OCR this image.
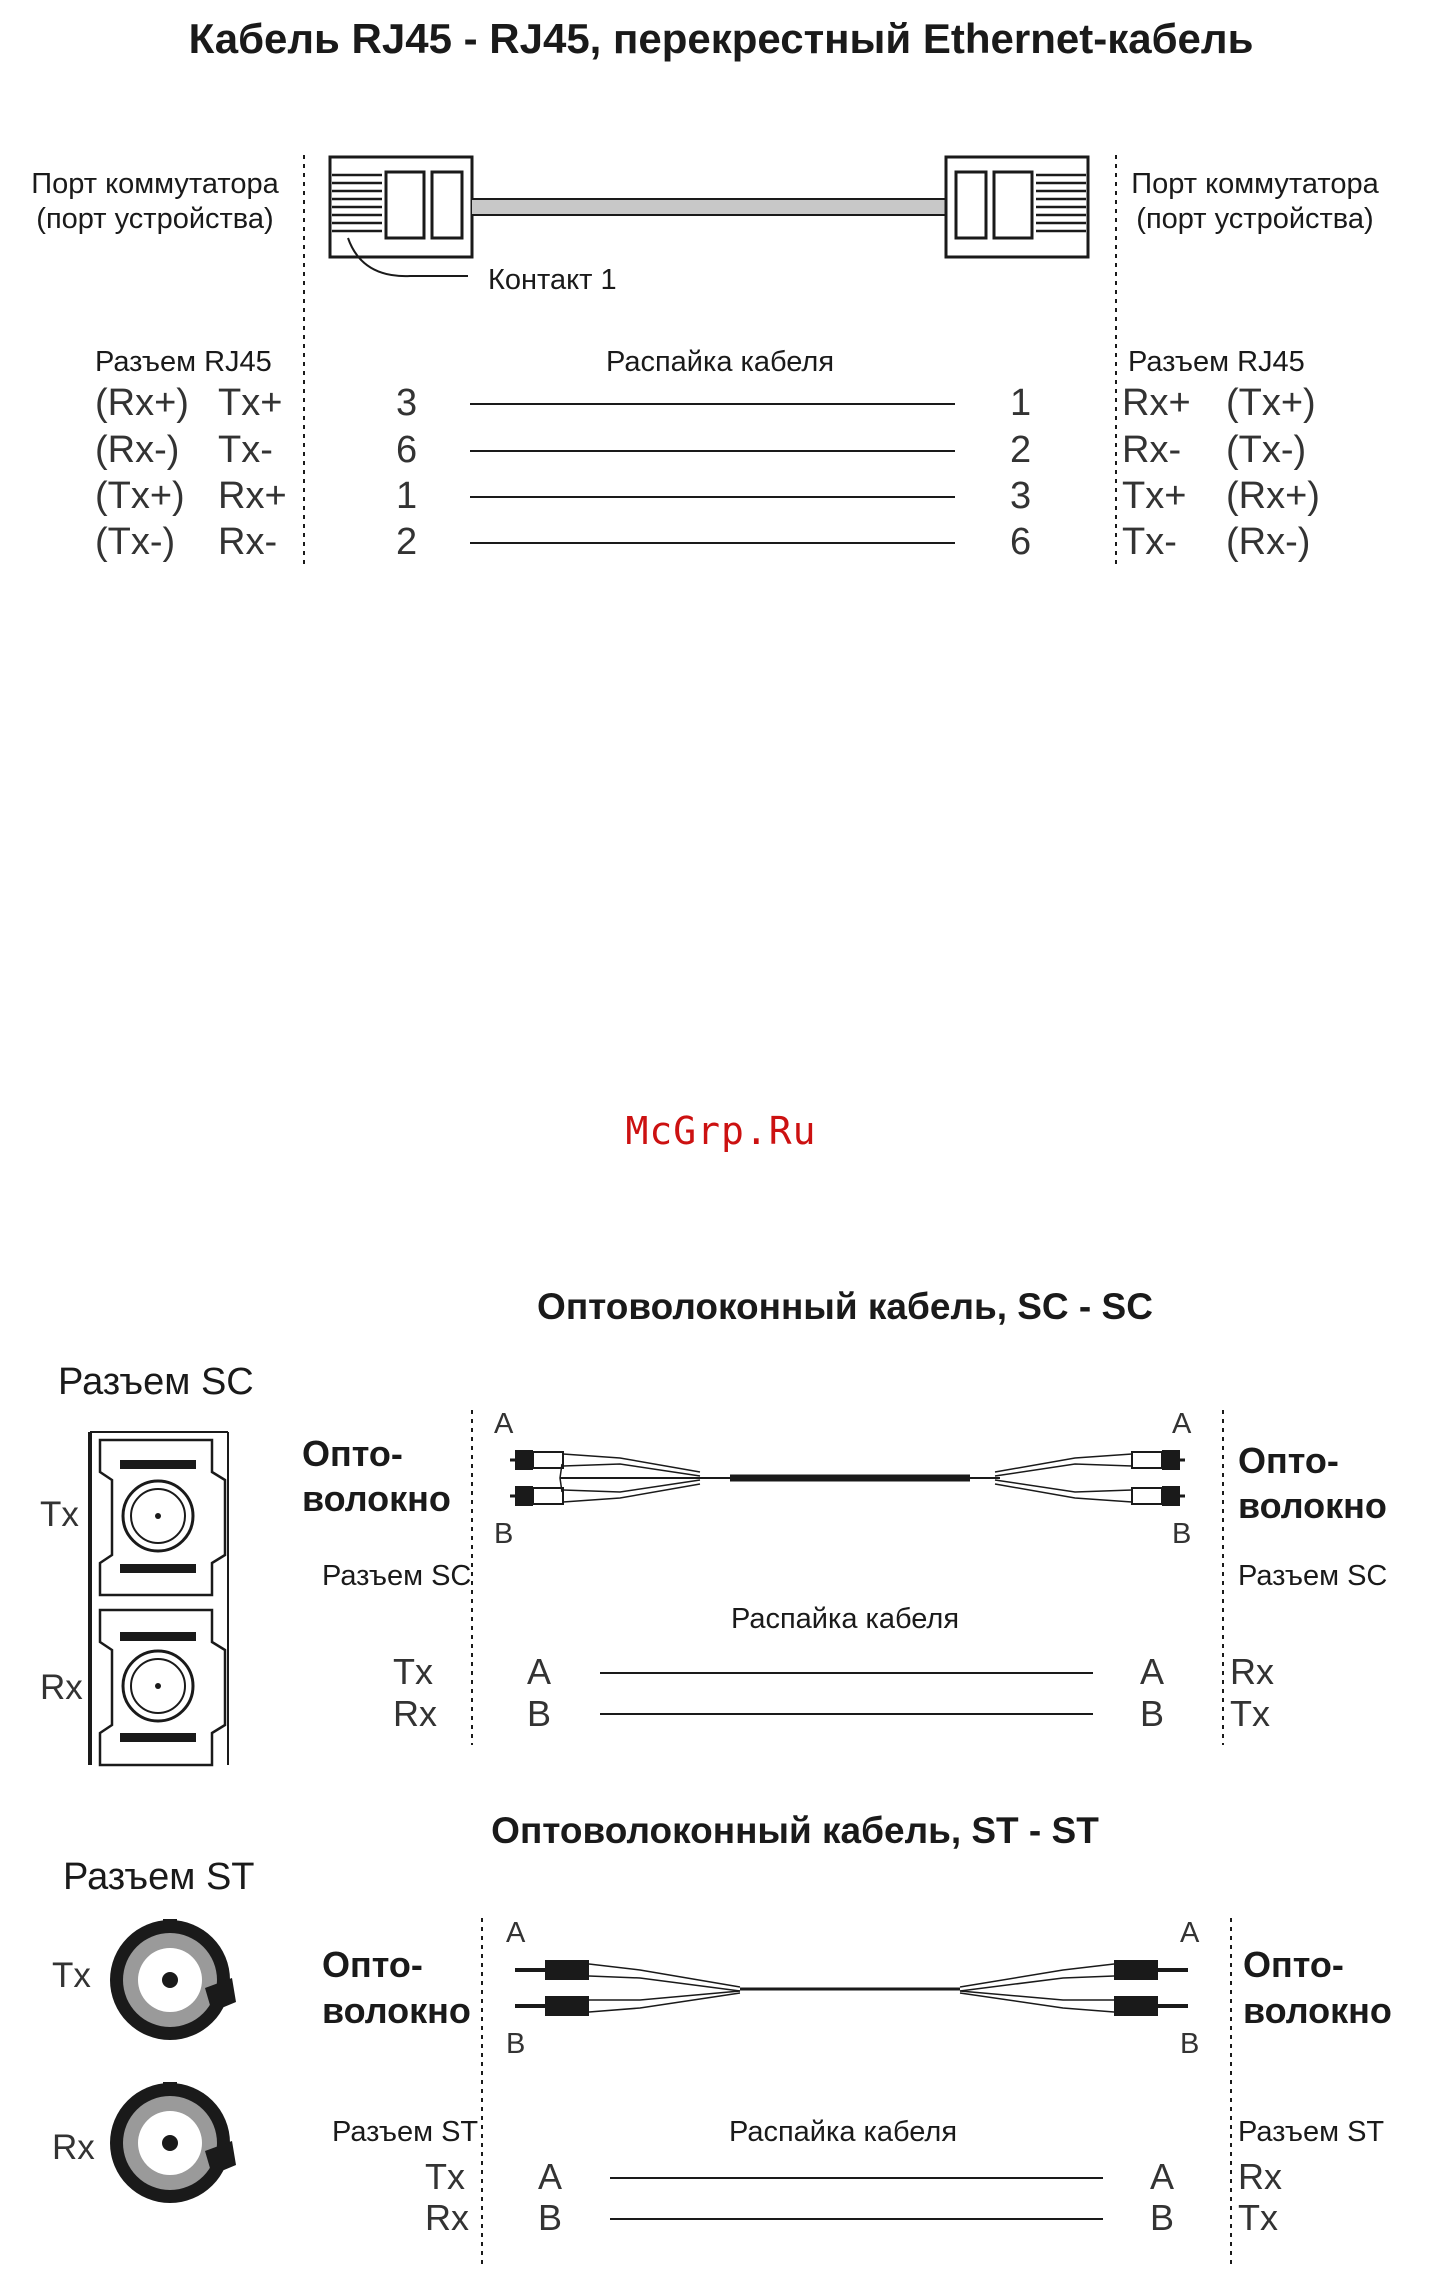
Кабель RJ45 - RJ45, перекрестный Ethernet-кабель
Порт коммутатора
(порт устройства)
Порт коммутатора
(порт устройства)
Контакт 1
Разъем RJ45	Распайка кабеля	Разъем RJ45
(Rx+) Tx+	3	1 Rx+ (Tx+)
(Rx-) Tx-	6	2 Rx- (Tx-)
(Tx+) Rx+	1	3 Tx+ (Rx+)
(Tx-) Rx-	2	6 Tx- (Rx-)
McGrp.Ru
Оптоволоконный кабель, SC - SC
Разъем SC
Tx
Rx
Опто-
волокно
Опто-
волокно
A	A
B	B
Разъем SC
Распайка кабеля
Разъем SC
Tx	A	A Rx
Rx	B	B Tx
Оптоволоконный кабель, ST - ST
Разъем ST
Tx
Rx
Опто-
волокно
Опто-
волокно
A	A
B	B
Разъем ST	Распайка кабеля	Разъем ST
Tx A	A Rx
Rx B	B Tx
